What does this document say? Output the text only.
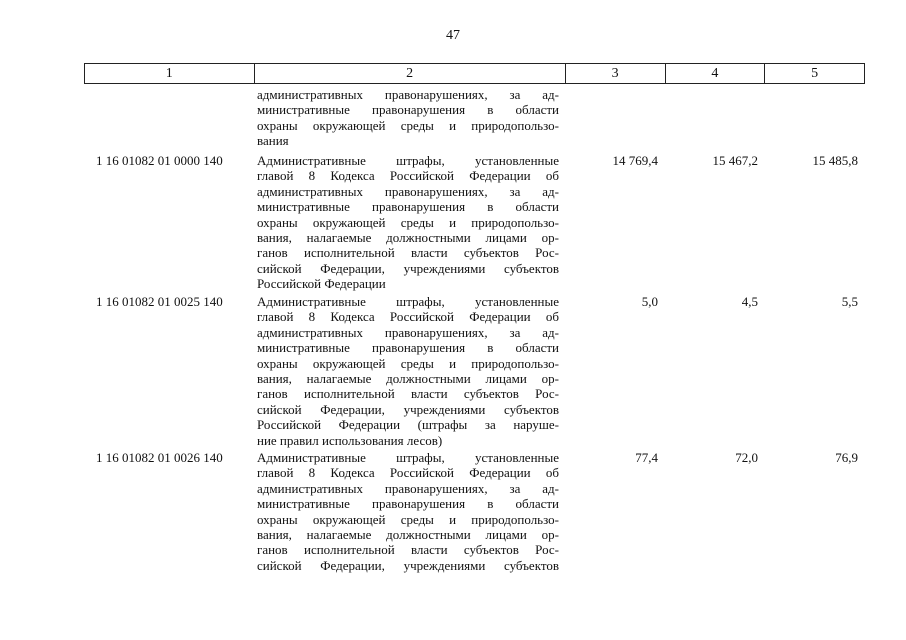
47
1	2	3	4	5
административных правонарушениях, за ад-
министративные правонарушения в области
охраны окружающей среды и природопользо-
вания
1 16 01082 01 0000 140	Административные штрафы, установленные
главой 8 Кодекса Российской Федерации об
административных правонарушениях, за ад-
министративные правонарушения в области
охраны окружающей среды и природопользо-
вания, налагаемые должностными лицами ор-
ганов исполнительной власти субъектов Рос-
сийской Федерации, учреждениями субъектов
Российской Федерации
14 769,4	15 467,2	15 485,8
1 16 01082 01 0025 140	Административные штрафы, установленные
главой 8 Кодекса Российской Федерации об
административных правонарушениях, за ад-
министративные правонарушения в области
охраны окружающей среды и природопользо-
вания, налагаемые должностными лицами ор-
ганов исполнительной власти субъектов Рос-
сийской Федерации, учреждениями субъектов
Российской Федерации (штрафы за наруше-
ние правил использования лесов)
5,0	4,5	5,5
1 16 01082 01 0026 140	Административные штрафы, установленные
главой 8 Кодекса Российской Федерации об
административных правонарушениях, за ад-
министративные правонарушения в области
охраны окружающей среды и природопользо-
вания, налагаемые должностными лицами ор-
ганов исполнительной власти субъектов Рос-
сийской Федерации, учреждениями субъектов
77,4	72,0	76,9
